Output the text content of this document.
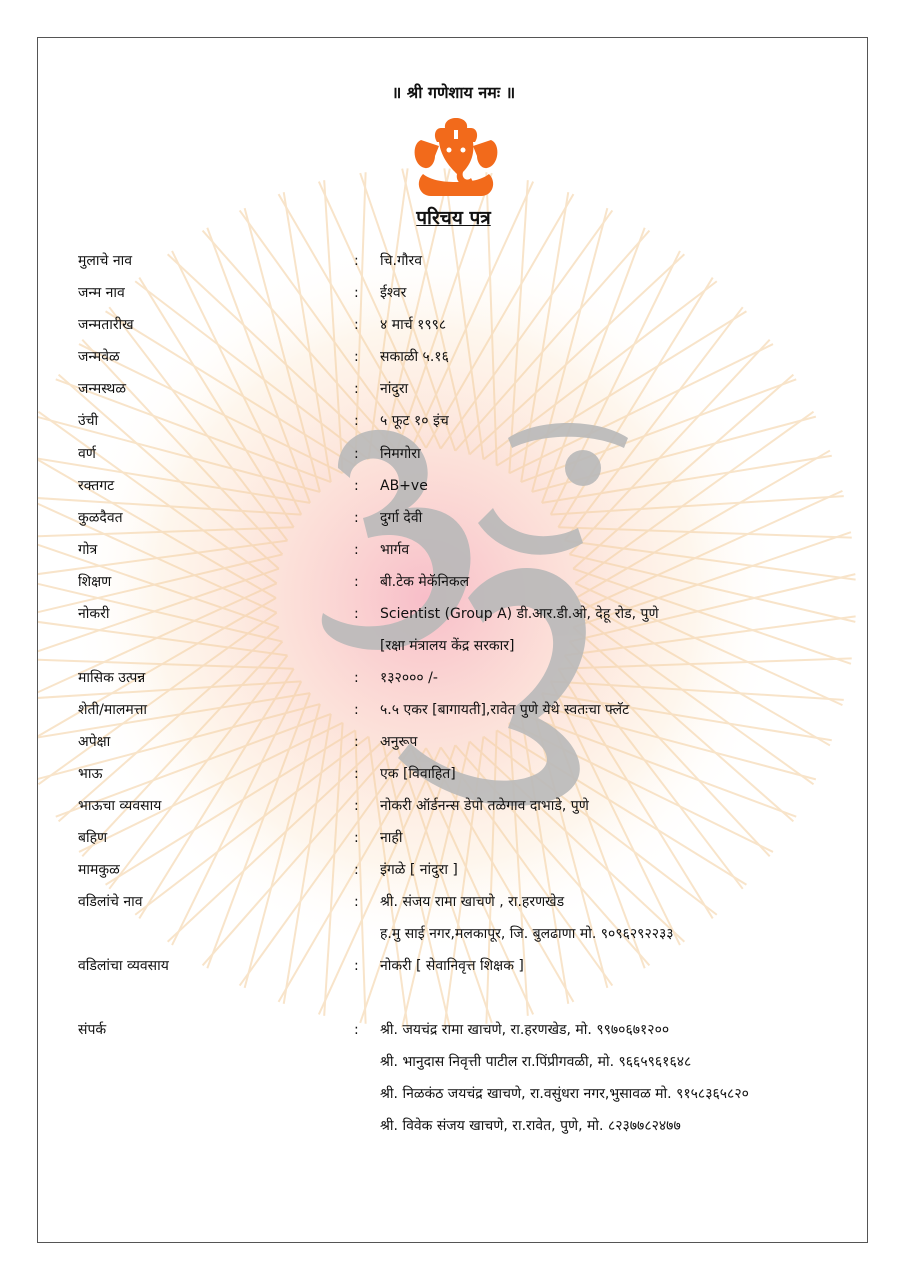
॥ श्री गणेशाय नमः ॥
परिचय पत्र
मुलाचे नाव	: चि.गौरव
जन्म नाव	: ईश्वर
जन्मतारीख	: ४ मार्च १९९८
जन्मवेळ	: सकाळी ५.१६
जन्मस्थळ	: नांदुरा
उंची	: ५ फूट १० इंच
वर्ण	: निमगोरा
रक्तगट	: AB+ve
कुळदैवत	: दुर्गा देवी
गोत्र	: भार्गव
शिक्षण	: बी.टेक मेकॅनिकल
नोकरी	: Scientist (Group A) डी.आर.डी.ओ, देहू रोड, पुणे
[रक्षा मंत्रालय केंद्र सरकार]
मासिक उत्पन्न	: १३२००० /-
शेती/मालमत्ता	: ५.५ एकर [बागायती],रावेत पुणे येथे स्वतःचा फ्लॅट
अपेक्षा	: अनुरूप
भाऊ	: एक [विवाहित]
भाऊचा व्यवसाय	: नोकरी ऑर्डनन्स डेपो तळेगाव दाभाडे, पुणे
बहिण	: नाही
मामकुळ	: इंगळे [ नांदुरा ]
वडिलांचे नाव	: श्री. संजय रामा खाचणे , रा.हरणखेड
ह.मु साई नगर,मलकापूर, जि. बुलढाणा मो. ९०९६२९२२३३
वडिलांचा व्यवसाय	: नोकरी [ सेवानिवृत्त शिक्षक ]
संपर्क	: श्री. जयचंद्र रामा खाचणे, रा.हरणखेड, मो. ९९७०६७१२००
श्री. भानुदास निवृत्ती पाटील रा.पिंप्रीगवळी, मो. ९६६५९६१६४८
श्री. निळकंठ जयचंद्र खाचणे, रा.वसुंधरा नगर,भुसावळ मो. ९१५८३६५८२०
श्री. विवेक संजय खाचणे, रा.रावेत, पुणे, मो. ८२३७७८२४७७
